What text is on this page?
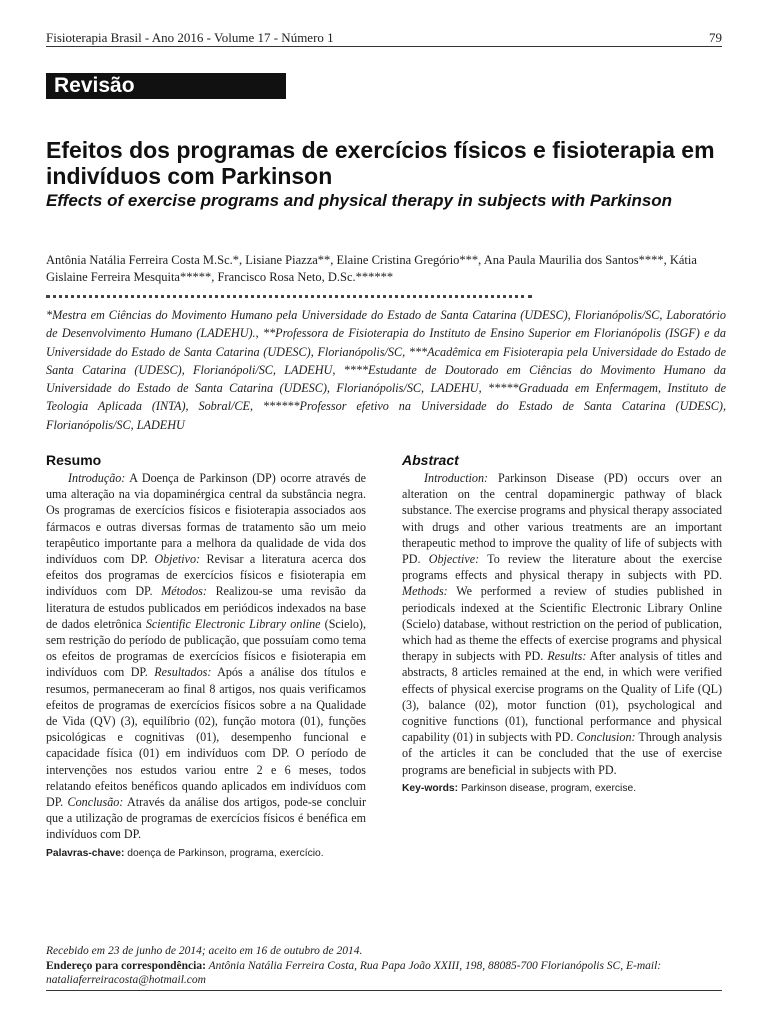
Fisioterapia Brasil - Ano 2016 - Volume 17 - Número 1	79
Revisão
Efeitos dos programas de exercícios físicos e fisioterapia em indivíduos com Parkinson
Effects of exercise programs and physical therapy in subjects with Parkinson
Antônia Natália Ferreira Costa M.Sc.*, Lisiane Piazza**, Elaine Cristina Gregório***, Ana Paula Maurilia dos Santos****, Kátia Gislaine Ferreira Mesquita*****, Francisco Rosa Neto, D.Sc.******
*Mestra em Ciências do Movimento Humano pela Universidade do Estado de Santa Catarina (UDESC), Florianópolis/SC, Laboratório de Desenvolvimento Humano (LADEHU)., **Professora de Fisioterapia do Instituto de Ensino Superior em Florianópolis (ISGF) e da Universidade do Estado de Santa Catarina (UDESC), Florianópolis/SC, ***Acadêmica em Fisioterapia pela Universidade do Estado de Santa Catarina (UDESC), Florianópoli/SC, LADEHU, ****Estudante de Doutorado em Ciências do Movimento Humano da Universidade do Estado de Santa Catarina (UDESC), Florianópolis/SC, LADEHU, *****Graduada em Enfermagem, Instituto de Teologia Aplicada (INTA), Sobral/CE, ******Professor efetivo na Universidade do Estado de Santa Catarina (UDESC), Florianópolis/SC, LADEHU
Resumo
Introdução: A Doença de Parkinson (DP) ocorre através de uma alteração na via dopaminérgica central da substância negra. Os programas de exercícios físicos e fisioterapia associados aos fármacos e outras diversas formas de tratamento são um meio terapêutico importante para a melhora da qualidade de vida dos indivíduos com DP. Objetivo: Revisar a literatura acerca dos efeitos dos programas de exercícios físicos e fisioterapia em indivíduos com DP. Métodos: Realizou-se uma revisão da literatura de estudos publicados em periódicos indexados na base de dados eletrônica Scientific Electronic Library online (Scielo), sem restrição do período de publicação, que possuíam como tema os efeitos de programas de exercícios físicos e fisioterapia em indivíduos com DP. Resultados: Após a análise dos títulos e resumos, permaneceram ao final 8 artigos, nos quais verificamos efeitos de programas de exercícios físicos sobre a na Qualidade de Vida (QV) (3), equilíbrio (02), função motora (01), funções psicológicas e cognitivas (01), desempenho funcional e capacidade física (01) em indivíduos com DP. O período de intervenções nos estudos variou entre 2 e 6 meses, todos relatando efeitos benéficos quando aplicados em indivíduos com DP. Conclusão: Através da análise dos artigos, pode-se concluir que a utilização de programas de exercícios físicos é benéfica em indivíduos com DP.
Palavras-chave: doença de Parkinson, programa, exercício.
Abstract
Introduction: Parkinson Disease (PD) occurs over an alteration on the central dopaminergic pathway of black substance. The exercise programs and physical therapy associated with drugs and other various treatments are an important therapeutic method to improve the quality of life of subjects with PD. Objective: To review the literature about the exercise programs effects and physical therapy in subjects with PD. Methods: We performed a review of studies published in periodicals indexed at the Scientific Electronic Library Online (Scielo) database, without restriction on the period of publication, which had as theme the effects of exercise programs and physical therapy in subjects with PD. Results: After analysis of titles and abstracts, 8 articles remained at the end, in which were verified effects of physical exercise programs on the Quality of Life (QL) (3), balance (02), motor function (01), psychological and cognitive functions (01), functional performance and physical capability (01) in subjects with PD. Conclusion: Through analysis of the articles it can be concluded that the use of exercise programs are beneficial in subjects with PD.
Key-words: Parkinson disease, program, exercise.
Recebido em 23 de junho de 2014; aceito em 16 de outubro de 2014.
Endereço para correspondência: Antônia Natália Ferreira Costa, Rua Papa João XXIII, 198, 88085-700 Florianópolis SC, E-mail: nataliaferreiracosta@hotmail.com
